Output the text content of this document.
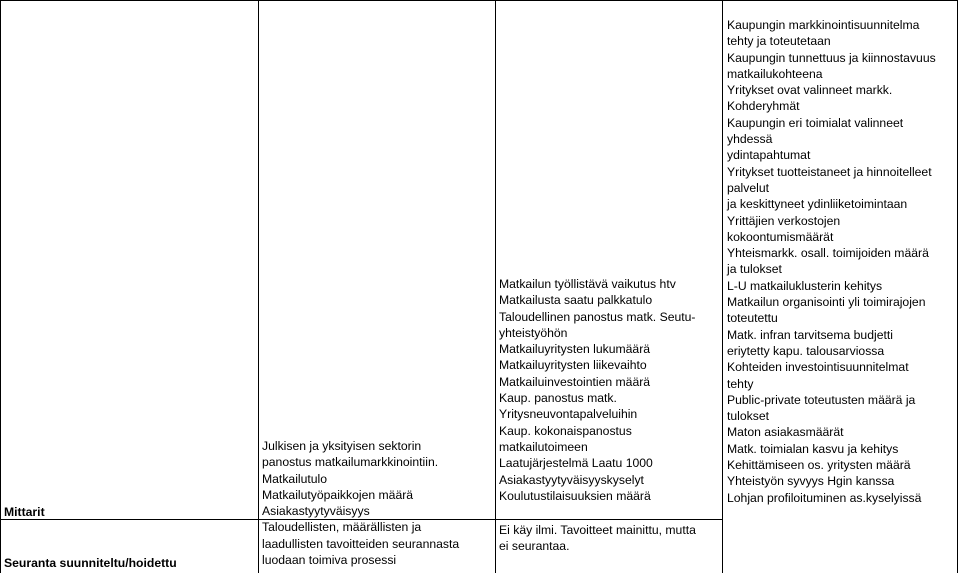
Mittarit
Seuranta suunniteltu/hoidettu
Julkisen ja yksityisen sektorin
panostus matkailumarkkinointiin.
Matkailutulo
Matkailutyöpaikkojen määrä
Asiakastyytyväisyys
Taloudellisten, määrällisten ja
laadullisten tavoitteiden seurannasta
luodaan toimiva prosessi
Matkailun työllistävä vaikutus htv
Matkailusta saatu palkkatulo
Taloudellinen panostus matk. Seutu-
yhteistyöhön
Matkailuyritysten lukumäärä
Matkailuyritysten liikevaihto
Matkailuinvestointien määrä
Kaup. panostus matk.
Yritysneuvontapalveluihin
Kaup. kokonaispanostus
matkailutoimeen
Laatujärjestelmä Laatu 1000
Asiakastyytyväisyyskyselyt
Koulutustilaisuuksien määrä
Ei käy ilmi. Tavoitteet mainittu, mutta
ei seurantaa.
Kaupungin markkinointisuunnitelma
tehty ja toteutetaan
Kaupungin tunnettuus ja kiinnostavuus
matkailukohteena
Yritykset ovat valinneet markk.
Kohderyhmät
Kaupungin eri toimialat valinneet
yhdessä
ydintapahtumat
Yritykset tuotteistaneet ja hinnoitelleet
palvelut
ja keskittyneet ydinliiketoimintaan
Yrittäjien verkostojen
kokoontumismäärät
Yhteismarkk. osall. toimijoiden määrä
ja tulokset
L-U matkailuklusterin kehitys
Matkailun organisointi yli toimirajojen
toteutettu
Matk. infran tarvitsema budjetti
eriytetty kapu. talousarviossa
Kohteiden investointisuunnitelmat
tehty
Public-private toteutusten määrä ja
tulokset
Maton asiakasmäärät
Matk. toimialan kasvu ja kehitys
Kehittämiseen os. yritysten määrä
Yhteistyön syvyys Hgin kanssa
Lohjan profiloituminen as.kyselyissä
